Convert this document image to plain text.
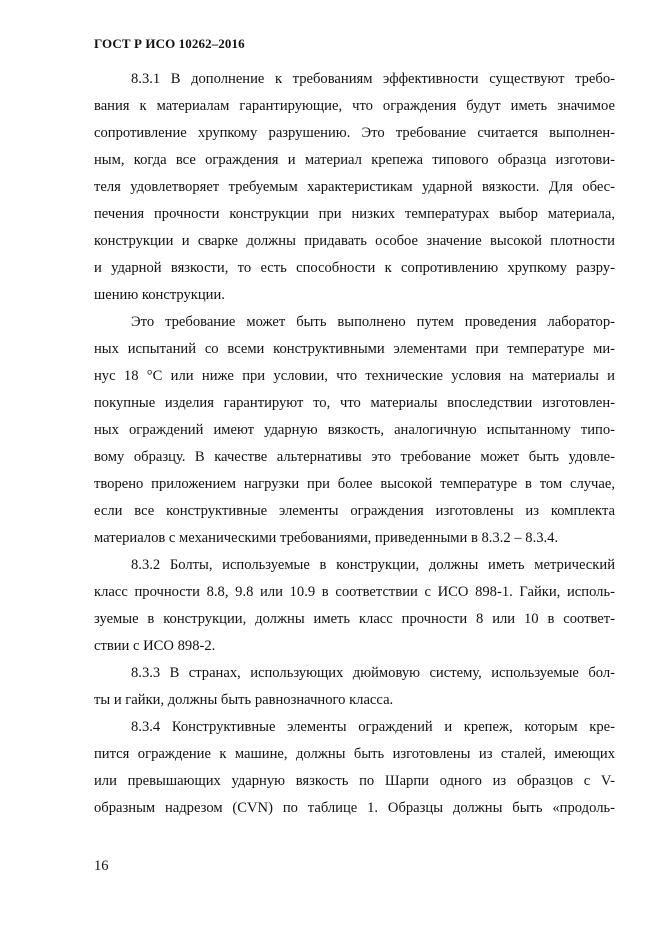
ГОСТ Р ИСО 10262–2016
8.3.1 В дополнение к требованиям эффективности существуют требо-
вания к материалам гарантирующие, что ограждения будут иметь значимое
сопротивление хрупкому разрушению. Это требование считается выполнен-
ным, когда все ограждения и материал крепежа типового образца изготови-
теля удовлетворяет требуемым характеристикам ударной вязкости. Для обес-
печения прочности конструкции при низких температурах выбор материала,
конструкции и сварке должны придавать особое значение высокой плотности
и ударной вязкости, то есть способности к сопротивлению хрупкому разру-
шению конструкции.
Это требование может быть выполнено путем проведения лаборатор-
ных испытаний со всеми конструктивными элементами при температуре ми-
нус 18 °С или ниже при условии, что технические условия на материалы и
покупные изделия гарантируют то, что материалы впоследствии изготовлен-
ных ограждений имеют ударную вязкость, аналогичную испытанному типо-
вому образцу. В качестве альтернативы это требование может быть удовле-
творено приложением нагрузки при более высокой температуре в том случае,
если все конструктивные элементы ограждения изготовлены из комплекта
материалов с механическими требованиями, приведенными в 8.3.2 – 8.3.4.
8.3.2 Болты, используемые в конструкции, должны иметь метрический
класс прочности 8.8, 9.8 или 10.9 в соответствии с ИСО 898-1. Гайки, исполь-
зуемые в конструкции, должны иметь класс прочности 8 или 10 в соответ-
ствии с ИСО 898-2.
8.3.3 В странах, использующих дюймовую систему, используемые бол-
ты и гайки, должны быть равнозначного класса.
8.3.4 Конструктивные элементы ограждений и крепеж, которым кре-
пится ограждение к машине, должны быть изготовлены из сталей, имеющих
или превышающих ударную вязкость по Шарпи одного из образцов с V-
образным надрезом (CVN) по таблице 1. Образцы должны быть «продоль-
16
